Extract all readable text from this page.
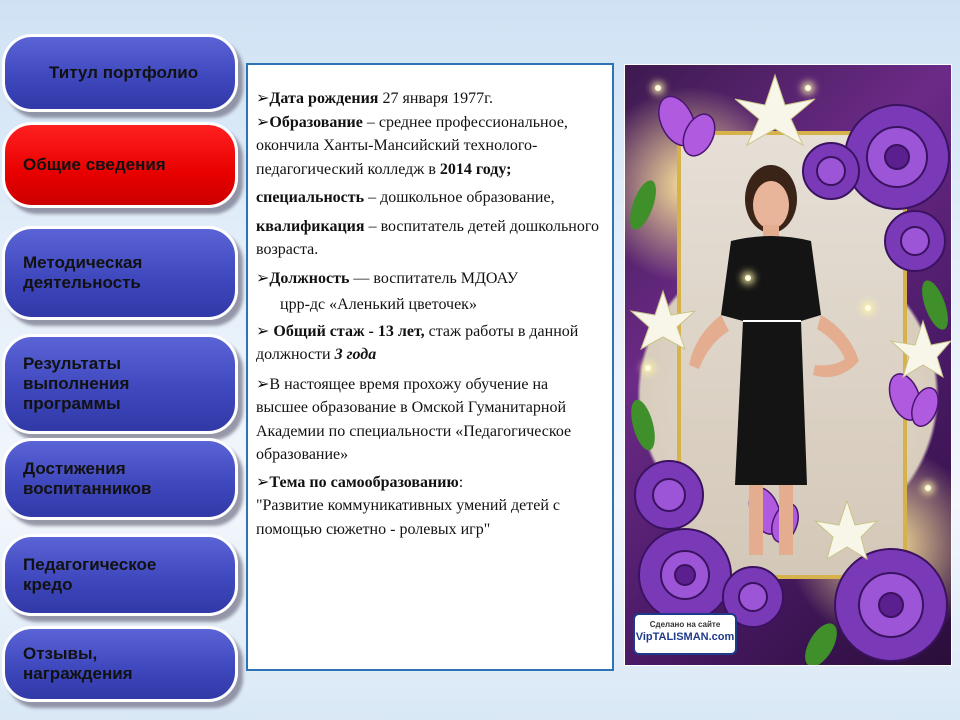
Титул портфолио
Общие сведения
Методическая
деятельность
Результаты
выполнения
программы
Достижения
воспитанников
Педагогическое
кредо
Отзывы,
награждения

➢Дата рождения 27 января 1977г.

➢Образование – среднее профессиональное, окончила Ханты-Мансийский технолого- педагогический колледж в 2014 году;

специальность – дошкольное образование,

квалификация – воспитатель детей дошкольного возраста.

➢Должность — воспитатель МДОАУ

црр-дс «Аленький цветочек»

➢ Общий стаж - 13 лет, стаж работы в данной должности 3 года

➢В настоящее время прохожу обучение на высшее образование в Омской Гуманитарной Академии по специальности «Педагогическое образование»

➢Тема по самообразованию:

"Развитие коммуникативных умений детей с помощью сюжетно - ролевых игр"

Сделано на сайте
VipTALISMAN.com
